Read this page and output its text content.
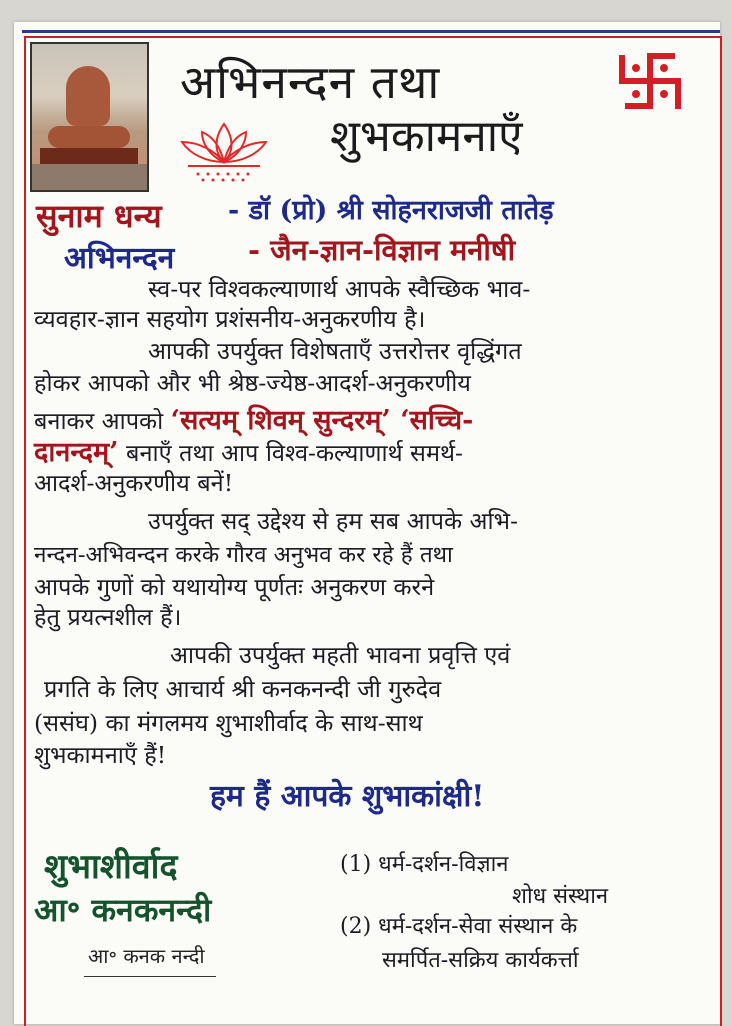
अभिनन्दन तथा
शुभकामनाएँ
सुनाम धन्य - डॉ (प्रो) श्री सोहनराजजी तातेड़
अभिनन्दन	- जैन-ज्ञान-विज्ञान मनीषी
स्व-पर विश्वकल्याणार्थ आपके स्वैच्छिक भाव-
व्यवहार-ज्ञान सहयोग प्रशंसनीय-अनुकरणीय है।
आपकी उपर्युक्त विशेषताएँ उत्तरोत्तर वृद्धिंगत
होकर आपको और भी श्रेष्ठ-ज्येष्ठ-आदर्श-अनुकरणीय
बनाकर आपको ‘सत्यम् शिवम् सुन्दरम्’ ‘सच्चि-
दानन्दम्’ बनाएँ तथा आप विश्व-कल्याणार्थ समर्थ-
आदर्श-अनुकरणीय बनें!
उपर्युक्त सद् उद्देश्य से हम सब आपके अभि-
नन्दन-अभिवन्दन करके गौरव अनुभव कर रहे हैं तथा
आपके गुणों को यथायोग्य पूर्णतः अनुकरण करने
हेतु प्रयत्नशील हैं।
आपकी उपर्युक्त महती भावना प्रवृत्ति एवं
प्रगति के लिए आचार्य श्री कनकनन्दी जी गुरुदेव
(ससंघ) का मंगलमय शुभाशीर्वाद के साथ-साथ
शुभकामनाएँ हैं!
हम हैं आपके शुभाकांक्षी!
शुभाशीर्वाद
आ॰ कनकनन्दी
आ॰ कनक नन्दी
(1) धर्म-दर्शन-विज्ञान
शोध संस्थान
(2) धर्म-दर्शन-सेवा संस्थान के
समर्पित-सक्रिय कार्यकर्त्ता
